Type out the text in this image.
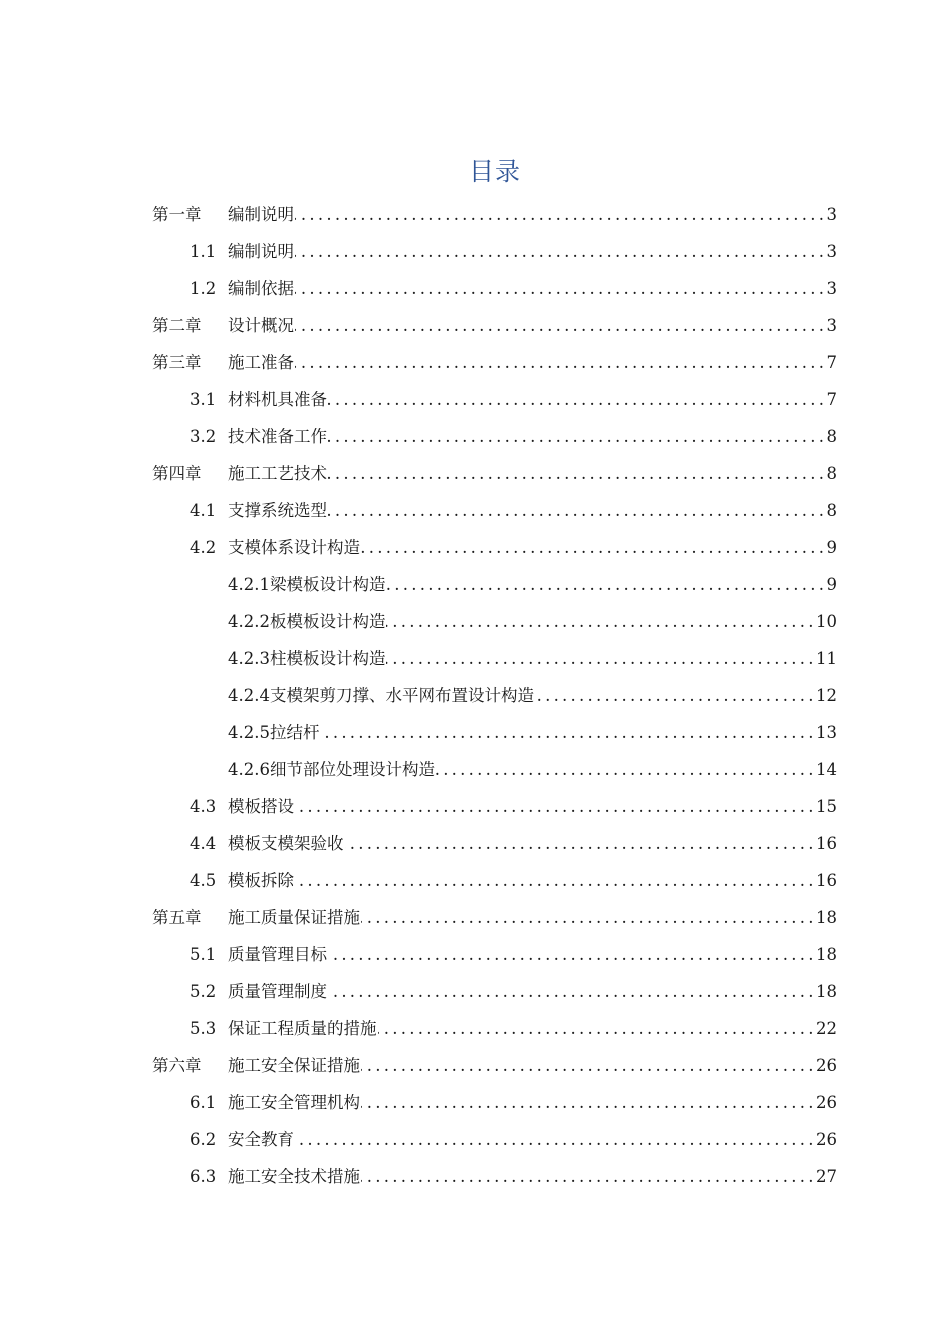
目录
第一章	编制说明 . . .	3
1.1 编制说明 . . .	3
1.2 编制依据 . . .	3
第二章	设计概况 . . .	3
第三章	施工准备 . . .	7
3.1 材料机具准备 . . .	7
3.2 技术准备工作 . . .	8
第四章	施工工艺技术 . . .	8
4.1 支撑系统选型 . . .	8
4.2 支模体系设计构造 . . .	9
4.2.1 梁模板设计构造 . . .	9
4.2.2 板模板设计构造 . . .	10
4.2.3 柱模板设计构造 . . .	11
4.2.4 支模架剪刀撑、水平网布置设计构造 . . .	12
4.2.5 拉结杆 . . .	13
4.2.6 细节部位处理设计构造 . . .	14
4.3 模板搭设 . . .	15
4.4 模板支模架验收 . . .	16
4.5 模板拆除 . . .	16
第五章	施工质量保证措施 . . .	18
5.1 质量管理目标 . . .	18
5.2 质量管理制度 . . .	18
5.3 保证工程质量的措施 . . .	22
第六章	施工安全保证措施 . . .	26
6.1 施工安全管理机构 . . .	26
6.2 安全教育 . . .	26
6.3 施工安全技术措施 . . .	27
